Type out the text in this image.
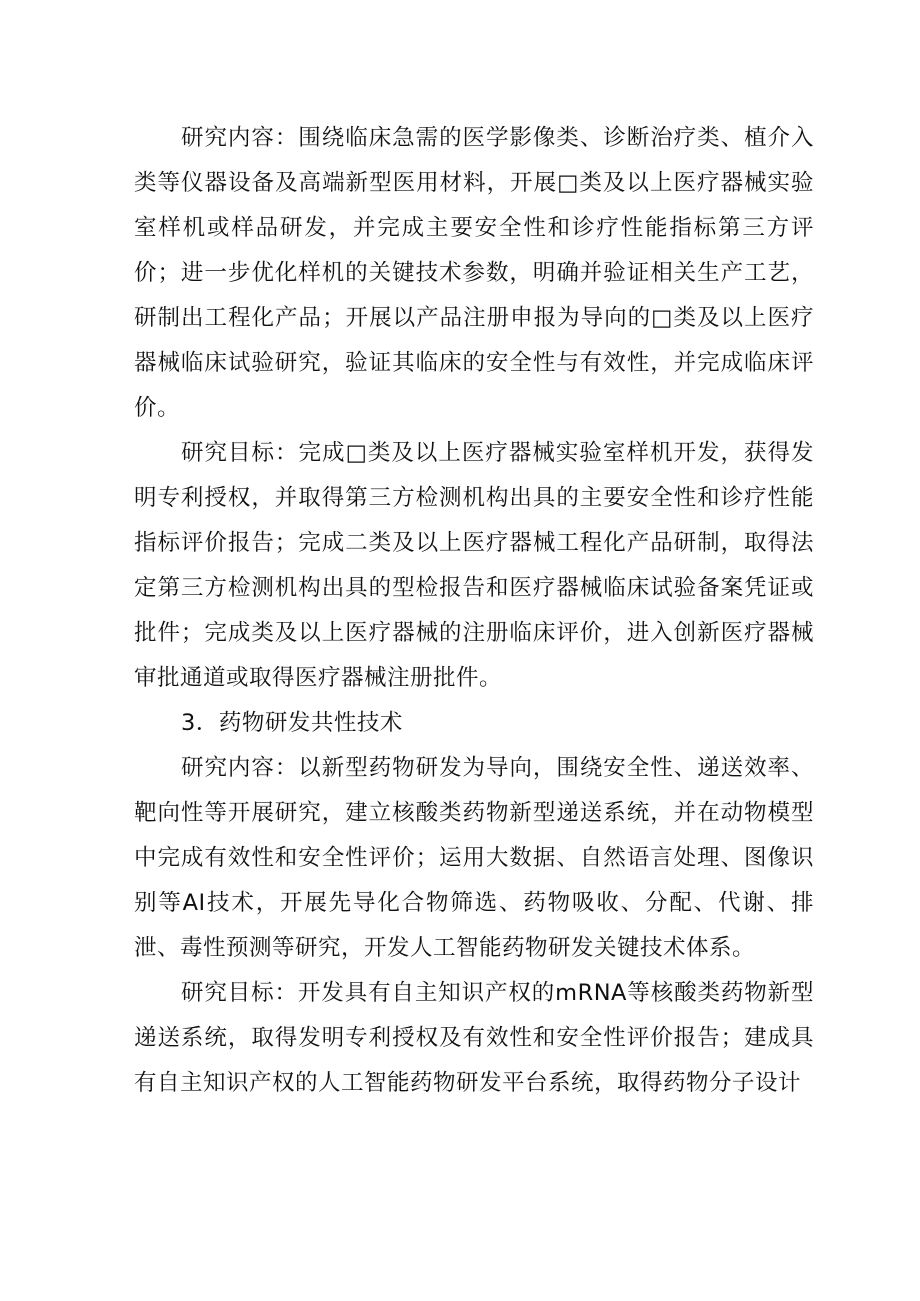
研究内容：围绕临床急需的医学影像类、诊断治疗类、植介入类等仪器设备及高端新型医用材料，开展□类及以上医疗器械实验室样机或样品研发，并完成主要安全性和诊疗性能指标第三方评价；进一步优化样机的关键技术参数，明确并验证相关生产工艺，研制出工程化产品；开展以产品注册申报为导向的□类及以上医疗器械临床试验研究，验证其临床的安全性与有效性，并完成临床评价。

研究目标：完成□类及以上医疗器械实验室样机开发，获得发明专利授权，并取得第三方检测机构出具的主要安全性和诊疗性能指标评价报告；完成二类及以上医疗器械工程化产品研制，取得法定第三方检测机构出具的型检报告和医疗器械临床试验备案凭证或批件；完成类及以上医疗器械的注册临床评价，进入创新医疗器械审批通道或取得医疗器械注册批件。

3．药物研发共性技术

研究内容：以新型药物研发为导向，围绕安全性、递送效率、靶向性等开展研究，建立核酸类药物新型递送系统，并在动物模型中完成有效性和安全性评价；运用大数据、自然语言处理、图像识别等AI技术，开展先导化合物筛选、药物吸收、分配、代谢、排泄、毒性预测等研究，开发人工智能药物研发关键技术体系。

研究目标：开发具有自主知识产权的mRNA等核酸类药物新型递送系统，取得发明专利授权及有效性和安全性评价报告；建成具有自主知识产权的人工智能药物研发平台系统，取得药物分子设计
